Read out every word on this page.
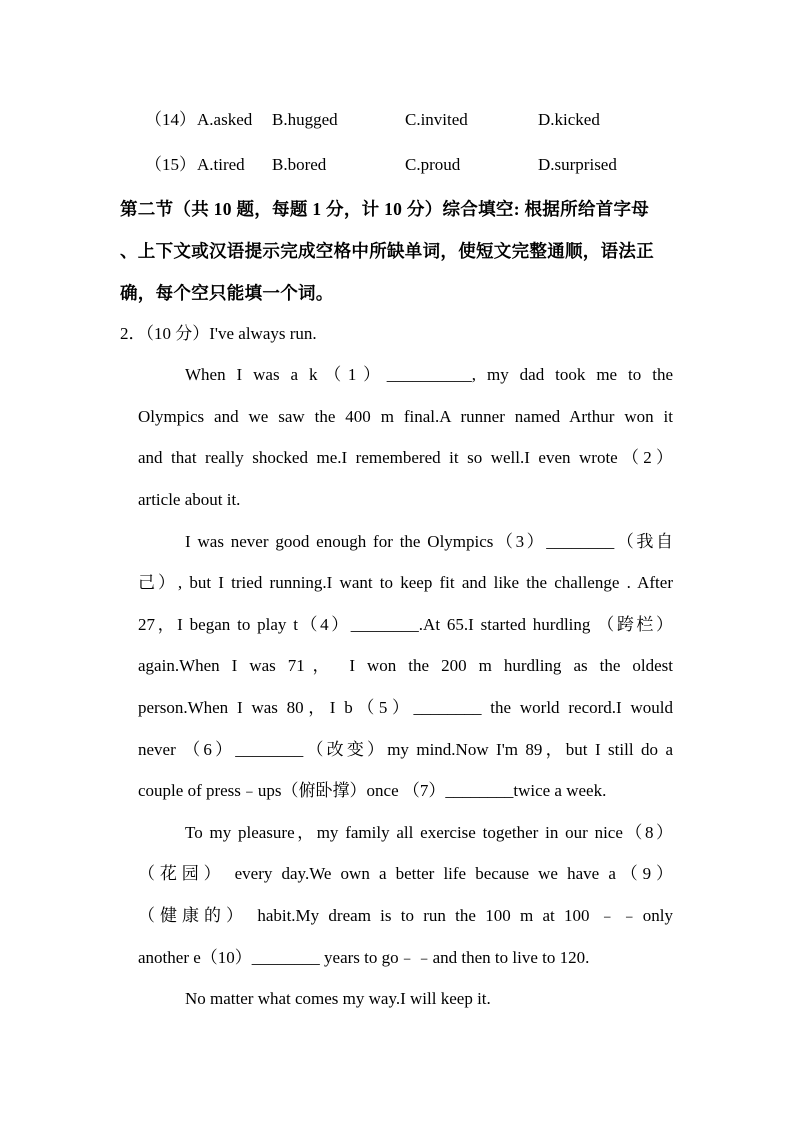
（14） A.asked B.hugged	C.invited	D.kicked
（15） A.tired B.bored	C.proud	D.surprised
第二节（共 10 题，每题 1 分，计 10 分）综合填空: 根据所给首字母
、上下文或汉语提示完成空格中所缺单词，使短文完整通顺，语法正
确，每个空只能填一个词。
2．（10 分）I've always run.
When I was a k（1）__________, my dad took me to the
Olympics and we saw the 400 m final.A runner named Arthur won it
and that really shocked me.I remembered it so well.I even wrote（2）
article about it.
I was never good enough for the Olympics（3）________（我自
己）, but I tried running.I want to keep fit and like the challenge . After
27，I began to play t（4）________.At 65.I started hurdling （跨栏）
again.When I was 71， I won the 200 m hurdling as the oldest
person.When I was 80，I b（5）________ the world record.I would
never （6）________（改变）my mind.Now I'm 89，but I still do a
couple of press﹣ups（俯卧撑）once （7）________twice a week.
To my pleasure，my family all exercise together in our nice（8）
（花园） every day.We own a better life because we have a（9）
（健康的） habit.My dream is to run the 100 m at 100 ﹣﹣only
another e（10）________ years to go﹣﹣and then to live to 120.
No matter what comes my way.I will keep it.
